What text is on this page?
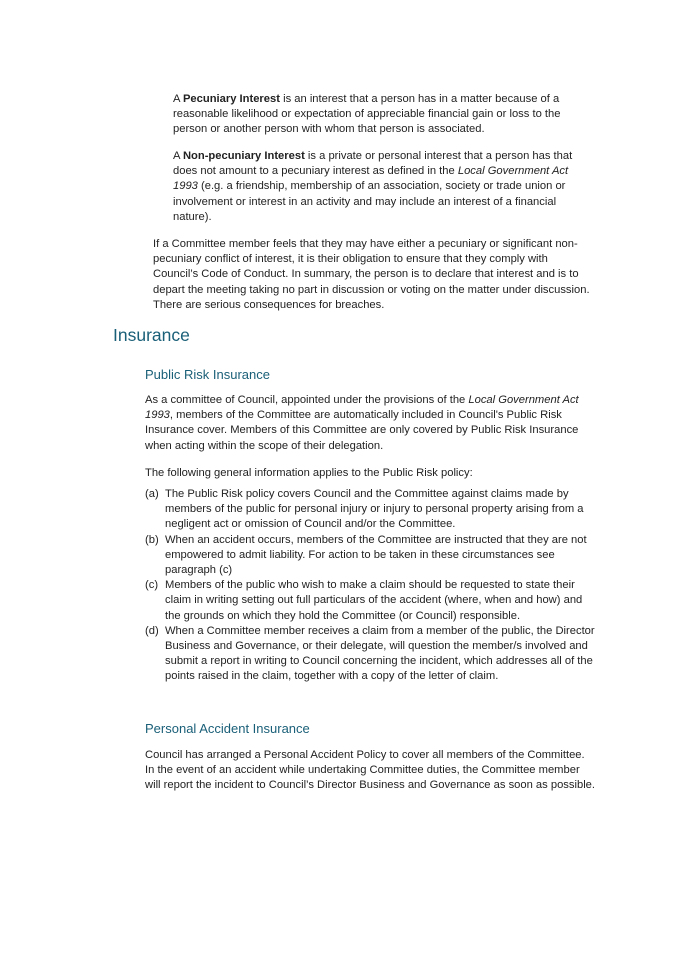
A Pecuniary Interest is an interest that a person has in a matter because of a reasonable likelihood or expectation of appreciable financial gain or loss to the person or another person with whom that person is associated.

A Non-pecuniary Interest is a private or personal interest that a person has that does not amount to a pecuniary interest as defined in the Local Government Act 1993 (e.g. a friendship, membership of an association, society or trade union or involvement or interest in an activity and may include an interest of a financial nature).

If a Committee member feels that they may have either a pecuniary or significant non-pecuniary conflict of interest, it is their obligation to ensure that they comply with Council’s Code of Conduct. In summary, the person is to declare that interest and is to depart the meeting taking no part in discussion or voting on the matter under discussion. There are serious consequences for breaches.

Insurance
Public Risk Insurance

As a committee of Council, appointed under the provisions of the Local Government Act 1993, members of the Committee are automatically included in Council's Public Risk Insurance cover. Members of this Committee are only covered by Public Risk Insurance when acting within the scope of their delegation.

The following general information applies to the Public Risk policy:

(a) The Public Risk policy covers Council and the Committee against claims made by members of the public for personal injury or injury to personal property arising from a negligent act or omission of Council and/or the Committee.
(b) When an accident occurs, members of the Committee are instructed that they are not empowered to admit liability. For action to be taken in these circumstances see paragraph (c)
(c) Members of the public who wish to make a claim should be requested to state their claim in writing setting out full particulars of the accident (where, when and how) and the grounds on which they hold the Committee (or Council) responsible.
(d) When a Committee member receives a claim from a member of the public, the Director Business and Governance, or their delegate, will question the member/s involved and submit a report in writing to Council concerning the incident, which addresses all of the points raised in the claim, together with a copy of the letter of claim.
Personal Accident Insurance

Council has arranged a Personal Accident Policy to cover all members of the Committee. In the event of an accident while undertaking Committee duties, the Committee member will report the incident to Council’s Director Business and Governance as soon as possible.
